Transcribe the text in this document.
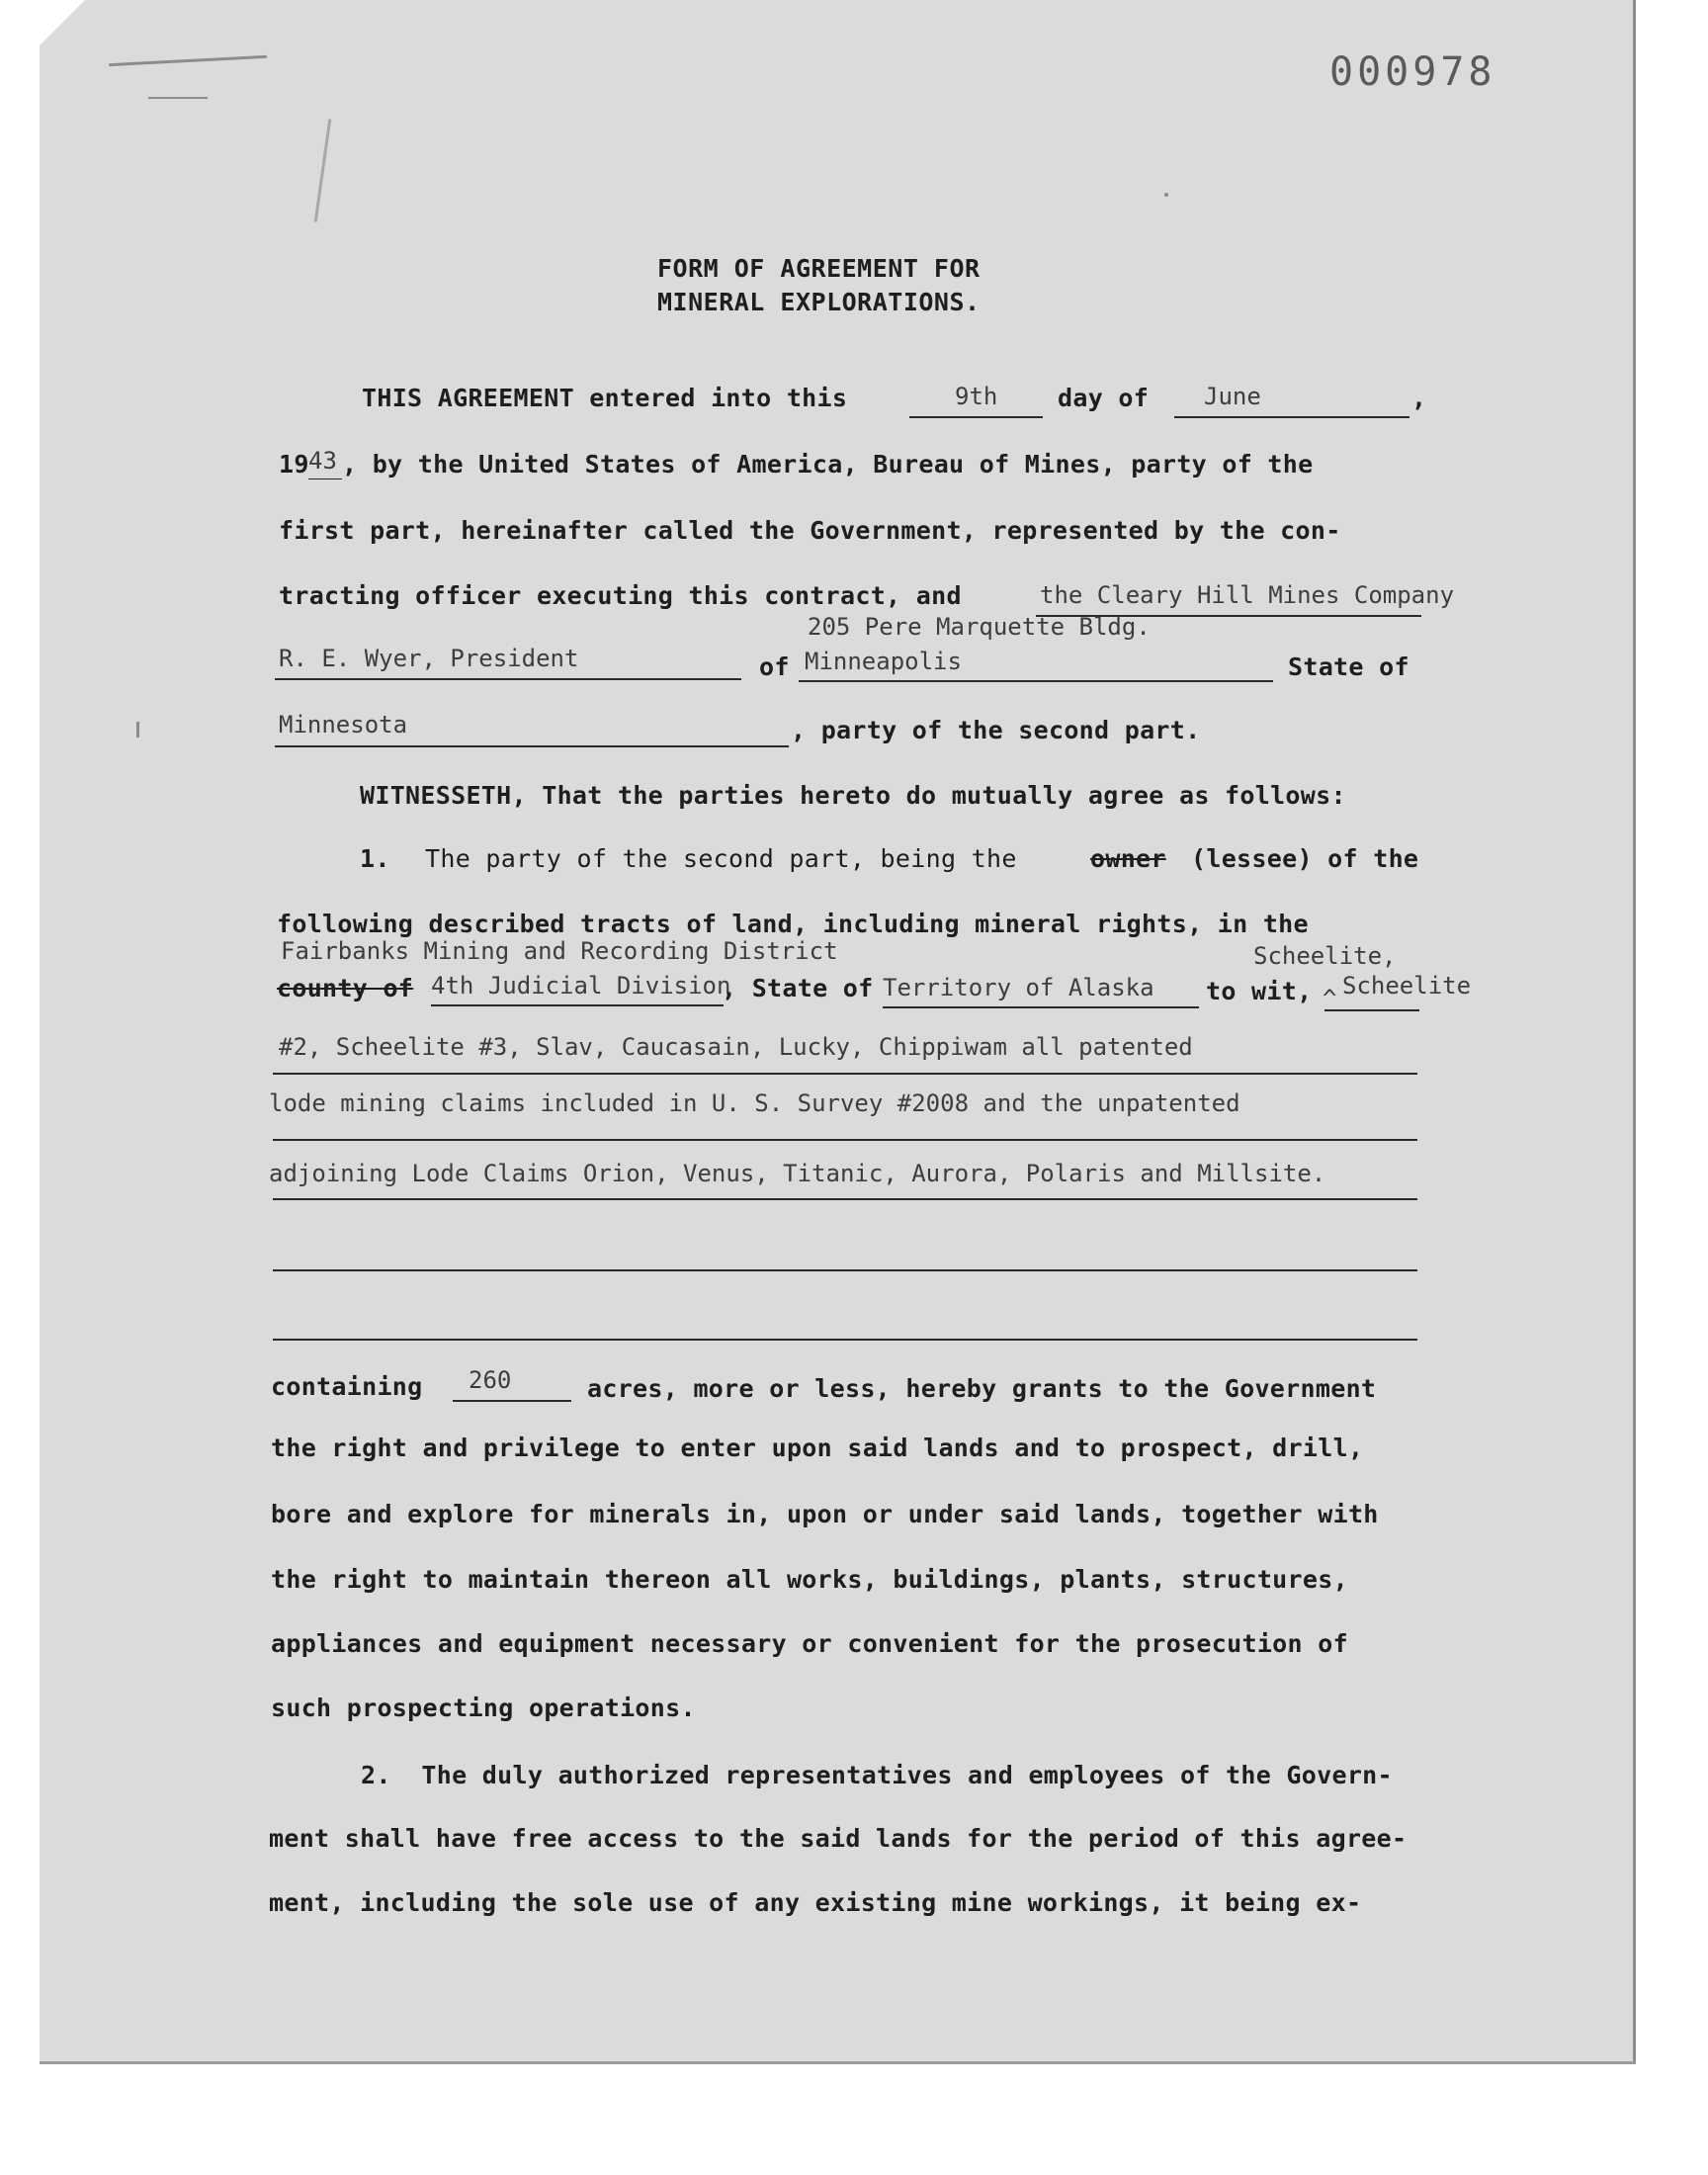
000978
FORM OF AGREEMENT FOR
MINERAL EXPLORATIONS.
THIS AGREEMENT entered into this	9th day of June	,
19 43 , by the United States of America, Bureau of Mines, party of the
first part, hereinafter called the Government, represented by the con-
tracting officer executing this contract, and	the Cleary Hill Mines Company
205 Pere Marquette Bldg.
R. E. Wyer, President	of Minneapolis	State of
Minnesota	, party of the second part.
WITNESSETH, That the parties hereto do mutually agree as follows:
1. The party of the second part, being the	owner (lessee) of the
following described tracts of land, including mineral rights, in the
Fairbanks Mining and Recording District	Scheelite,
county of 4th Judicial Division
, State of Territory of Alaska to wit, ^ Scheelite
#2, Scheelite #3, Slav, Caucasain, Lucky, Chippiwam all patented
lode mining claims included in U. S. Survey #2008 and the unpatented
adjoining Lode Claims Orion, Venus, Titanic, Aurora, Polaris and Millsite.
containing 260	acres, more or less, hereby grants to the Government
the right and privilege to enter upon said lands and to prospect, drill,
bore and explore for minerals in, upon or under said lands, together with
the right to maintain thereon all works, buildings, plants, structures,
appliances and equipment necessary or convenient for the prosecution of
such prospecting operations.
2.  The duly authorized representatives and employees of the Govern-
ment shall have free access to the said lands for the period of this agree-
ment, including the sole use of any existing mine workings, it being ex-
